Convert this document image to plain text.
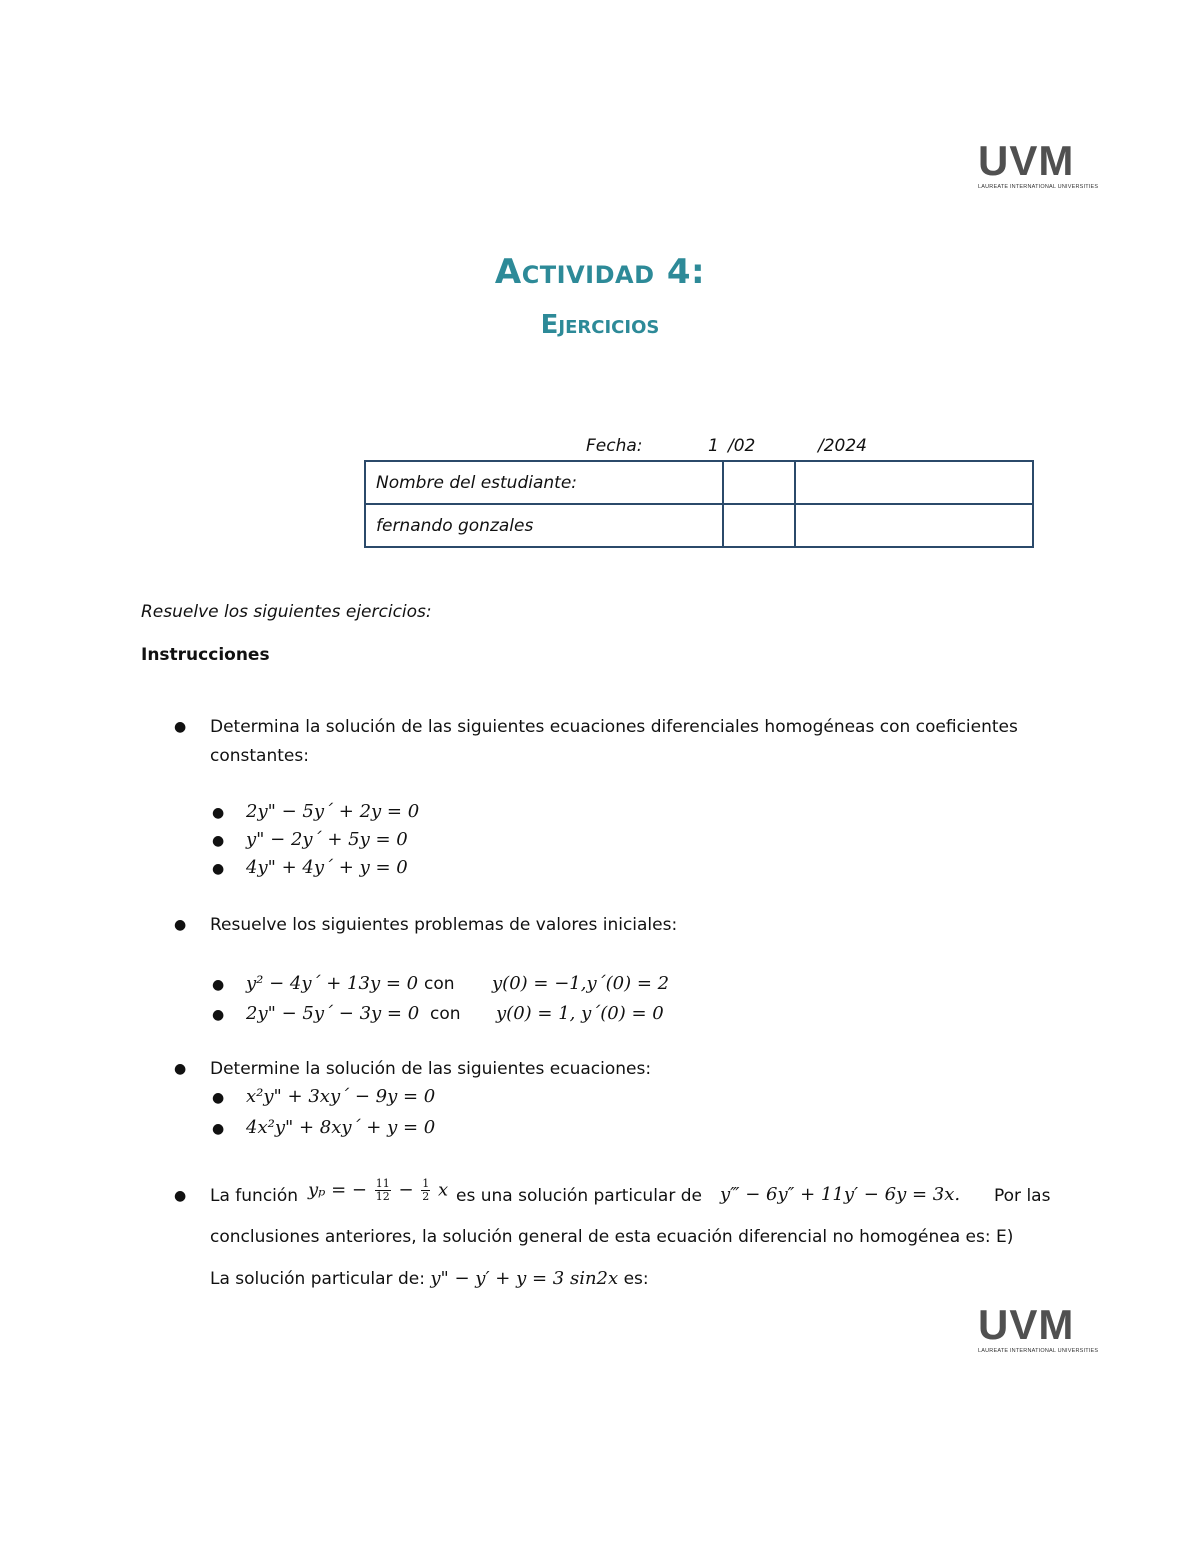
UVM
LAUREATE INTERNATIONAL UNIVERSITIES
Actividad 4:
Ejercicios
Fecha:	1 /02	/2024
Nombre del estudiante:		
fernando gonzales		
Resuelve los siguientes ejercicios:
Instrucciones
● Determina la solución de las siguientes ecuaciones diferenciales homogéneas con coeficientes
constantes:
● 2y" − 5y´ + 2y = 0
● y" − 2y´ + 5y = 0
● 4y" + 4y´ + y = 0
● Resuelve los siguientes problemas de valores iniciales:
● y² − 4y´ + 13y = 0 con y(0) = −1,y´(0) = 2
● 2y" − 5y´ − 3y = 0 con y(0) = 1, y´(0) = 0
● Determine la solución de las siguientes ecuaciones:
● x²y" + 3xy´ − 9y = 0
● 4x²y" + 8xy´ + y = 0
● La función yₚ = − $\frac{11}{12} - \frac{1}{2}$ x es una solución particular de y‴ − 6y″ + 11y′ − 6y = 3x. Por las
conclusiones anteriores, la solución general de esta ecuación diferencial no homogénea es: E)
La solución particular de: y" − y′ + y = 3 sin2x es:
UVM
LAUREATE INTERNATIONAL UNIVERSITIES
